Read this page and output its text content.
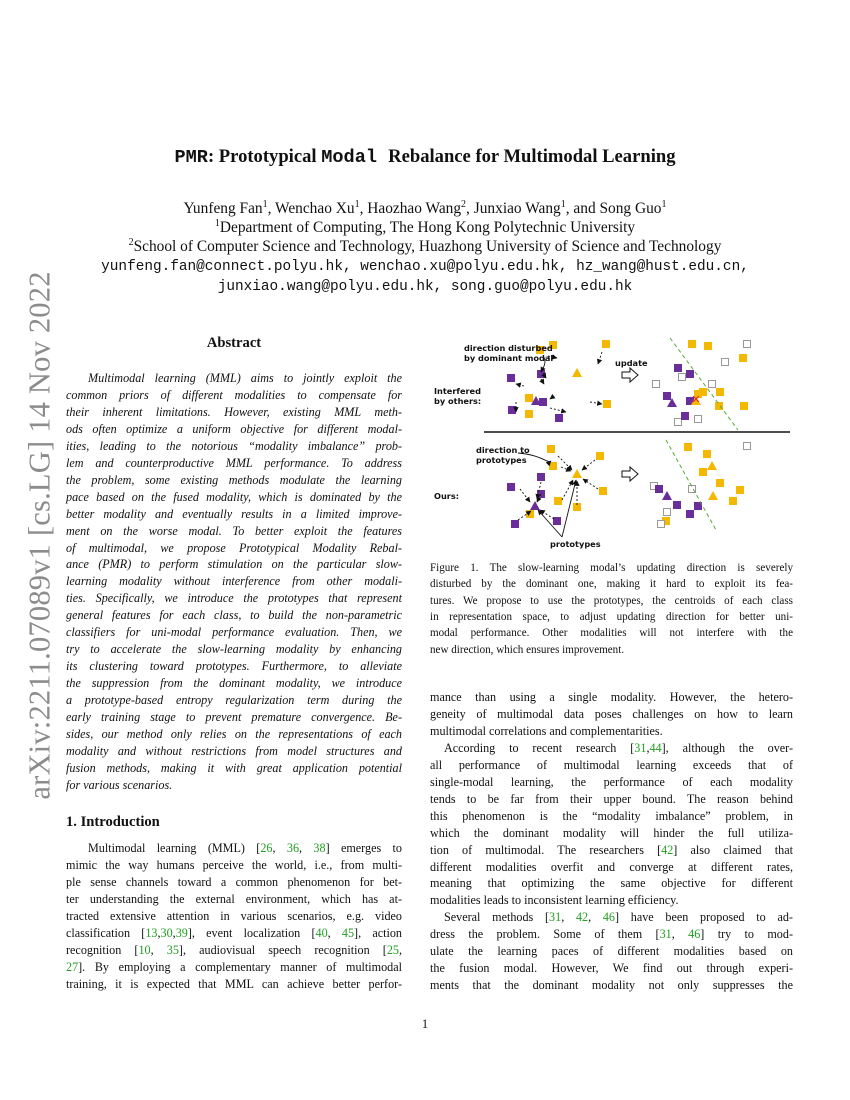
arXiv:2211.07089v1 [cs.LG] 14 Nov 2022
PMR: Prototypical Modal Rebalance for Multimodal Learning
Yunfeng Fan$^1$, Wenchao Xu$^1$, Haozhao Wang$^2$, Junxiao Wang$^1$, and Song Guo$^1$
$^1$Department of Computing, The Hong Kong Polytechnic University
$^2$School of Computer Science and Technology, Huazhong University of Science and Technology
yunfeng.fan@connect.polyu.hk, wenchao.xu@polyu.edu.hk, hz_wang@hust.edu.cn,
junxiao.wang@polyu.edu.hk, song.guo@polyu.edu.hk
Abstract
Multimodal learning (MML) aims to jointly exploit the
common priors of different modalities to compensate for
their inherent limitations. However, existing MML meth-
ods often optimize a uniform objective for different modal-
ities, leading to the notorious “modality imbalance” prob-
lem and counterproductive MML performance. To address
the problem, some existing methods modulate the learning
pace based on the fused modality, which is dominated by the
better modality and eventually results in a limited improve-
ment on the worse modal. To better exploit the features
of multimodal, we propose Prototypical Modality Rebal-
ance (PMR) to perform stimulation on the particular slow-
learning modality without interference from other modali-
ties. Specifically, we introduce the prototypes that represent
general features for each class, to build the non-parametric
classifiers for uni-modal performance evaluation. Then, we
try to accelerate the slow-learning modality by enhancing
its clustering toward prototypes. Furthermore, to alleviate
the suppression from the dominant modality, we introduce
a prototype-based entropy regularization term during the
early training stage to prevent premature convergence. Be-
sides, our method only relies on the representations of each
modality and without restrictions from model structures and
fusion methods, making it with great application potential
for various scenarios.
1. Introduction
Multimodal learning (MML) [26, 36, 38] emerges to
mimic the way humans perceive the world, i.e., from multi-
ple sense channels toward a common phenomenon for bet-
ter understanding the external environment, which has at-
tracted extensive attention in various scenarios, e.g. video
classification [13,30,39], event localization [40, 45], action
recognition [10, 35], audiovisual speech recognition [25,
27]. By employing a complementary manner of multimodal
training, it is expected that MML can achieve better perfor-
✕
direction disturbed
by dominant modal	update
Interfered
by others:
direction to
prototypes
Ours:
prototypes
Figure 1. The slow-learning modal’s updating direction is severely
disturbed by the dominant one, making it hard to exploit its fea-
tures. We propose to use the prototypes, the centroids of each class
in representation space, to adjust updating direction for better uni-
modal performance. Other modalities will not interfere with the
new direction, which ensures improvement.
mance than using a single modality. However, the hetero-
geneity of multimodal data poses challenges on how to learn
multimodal correlations and complementarities.
According to recent research [31,44], although the over-
all performance of multimodal learning exceeds that of
single-modal learning, the performance of each modality
tends to be far from their upper bound. The reason behind
this phenomenon is the “modality imbalance” problem, in
which the dominant modality will hinder the full utiliza-
tion of multimodal. The researchers [42] also claimed that
different modalities overfit and converge at different rates,
meaning that optimizing the same objective for different
modalities leads to inconsistent learning efficiency.
Several methods [31, 42, 46] have been proposed to ad-
dress the problem. Some of them [31, 46] try to mod-
ulate the learning paces of different modalities based on
the fusion modal. However, We find out through experi-
ments that the dominant modality not only suppresses the
1
